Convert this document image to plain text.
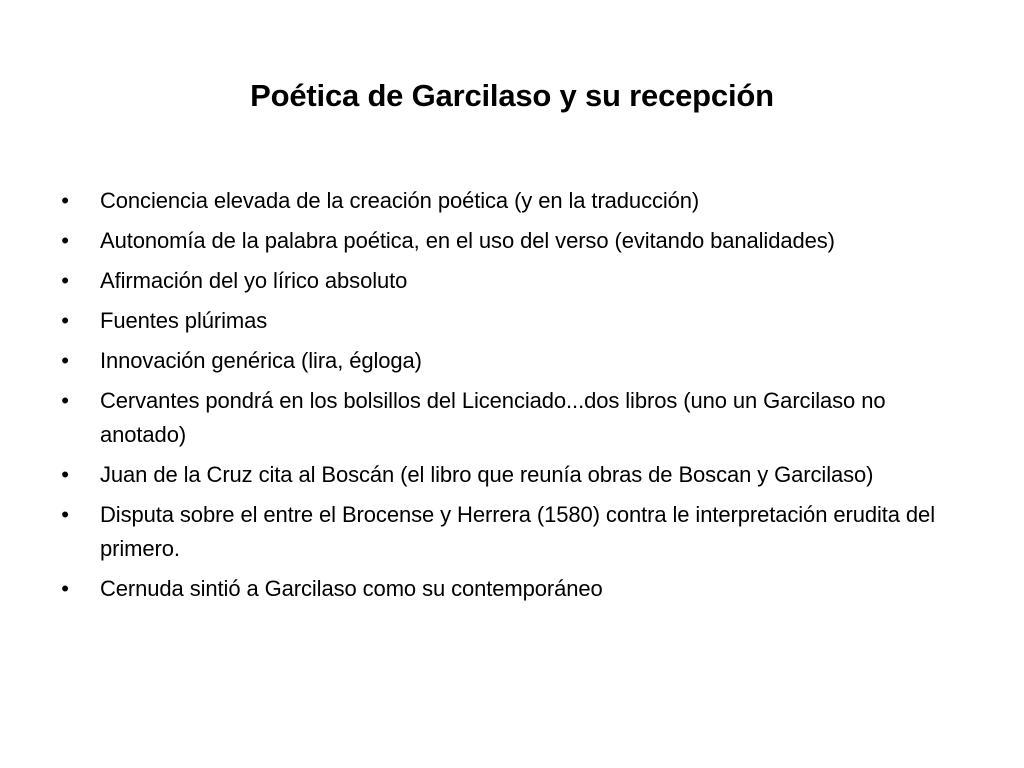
Poética de Garcilaso y su recepción
• Conciencia elevada de la creación poética (y en la traducción)
• Autonomía de la palabra poética, en el uso del verso (evitando banalidades)
• Afirmación del yo lírico absoluto
• Fuentes plúrimas
• Innovación genérica (lira, égloga)
• Cervantes pondrá en los bolsillos del Licenciado...dos libros (uno un Garcilaso no anotado)
• Juan de la Cruz cita al Boscán (el libro que reunía obras de Boscan y Garcilaso)
• Disputa sobre el entre el Brocense y Herrera (1580) contra le interpretación erudita del primero.
• Cernuda sintió a Garcilaso como su contemporáneo
